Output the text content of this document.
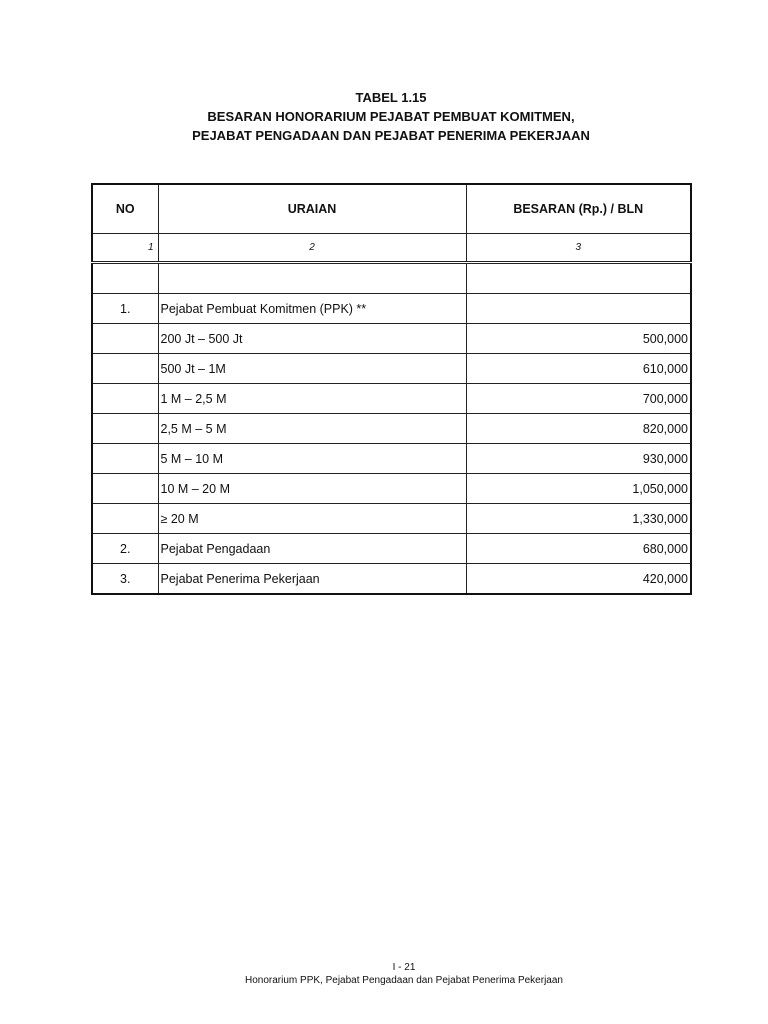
TABEL 1.15
BESARAN HONORARIUM PEJABAT PEMBUAT KOMITMEN,
PEJABAT PENGADAAN DAN PEJABAT PENERIMA PEKERJAAN
NO	URAIAN	BESARAN (Rp.) / BLN
1	2	3

1.	Pejabat Pembuat Komitmen (PPK) **	
	200 Jt – 500 Jt	500,000
	500 Jt – 1M	610,000
	1 M – 2,5 M	700,000
	2,5 M – 5 M	820,000
	5 M – 10 M	930,000
	10 M – 20 M	1,050,000
	≥ 20 M	1,330,000
2.	Pejabat Pengadaan	680,000
3.	Pejabat Penerima Pekerjaan	420,000
I - 21
Honorarium PPK, Pejabat Pengadaan dan Pejabat Penerima Pekerjaan
